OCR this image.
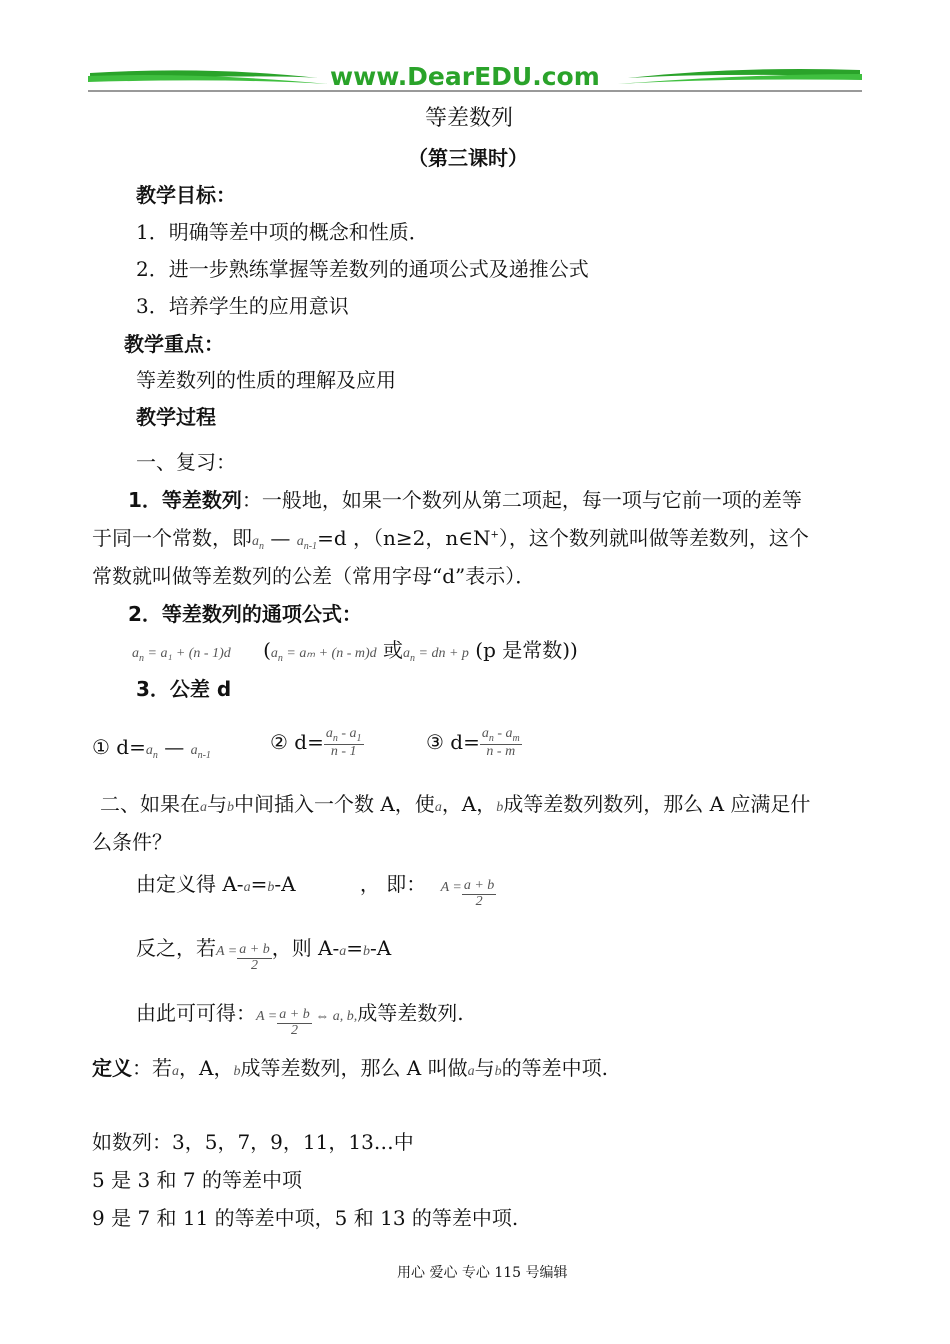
www.DearEDU.com
等差数列
（第三课时）
教学目标：
1．明确等差中项的概念和性质．
2．进一步熟练掌握等差数列的通项公式及递推公式
3．培养学生的应用意识
教学重点：
等差数列的性质的理解及应用
教学过程
一、复习：
1．等差数列：一般地，如果一个数列从第二项起，每一项与它前一项的差等
于同一个常数，即$a_n$ — $a_{n-1}=d$ ，（n≥2，n∈N+），这个数列就叫做等差数列，这个
常数就叫做等差数列的公差（常用字母“d”表示）．
2．等差数列的通项公式：
$a_n = a_1 + (n - 1)d$ ($a_n = a_m + (n - m)d$ 或$a_n$ = dn + p (p 是常数))
3．公差 d
① $d=a_n$ — $a_{n-1}$
② $d= \frac{a_n - a_1}{n - 1}$	③ $d= \frac{a_n - a_m}{n - m}$
二、如果在a与b中间插入一个数 A，使a，A，b成等差数列数列，那么 A 应满足什
么条件？
由定义得 A-a=b-A	， 即： $A = \frac{a + b}{2}$
反之，若$A = \frac{a + b}{2}$ ，则 A-a=b-A
由此可可得：$A = \frac{a + b}{2}$ ⇔ a, b,成等差数列.
定义：若a，A，b成等差数列，那么 A 叫做a与b的等差中项.
如数列：3，5，7，9，11，13…中
5 是 3 和 7 的等差中项
9 是 7 和 11 的等差中项，5 和 13 的等差中项.
用心 爱心 专心 115 号编辑
